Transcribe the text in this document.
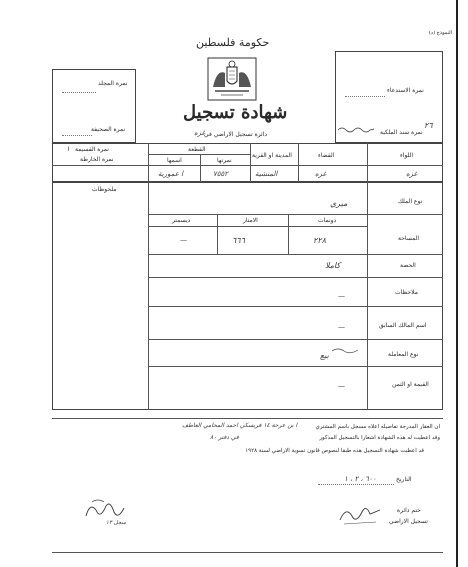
النموذج (د)
حكومة فلسطين
شهادة تسجيل
دائرة تسجيل الاراضي في
غزه
نمرة المجلد
نمرة الصحيفة
نمرة الاستدعاء
نمرة سند الملكية
٢٦
نمرة القسيمة
١
نمرة الخارطة
القطعة
اسمها	نمرتها
ا عمورية	٧٥٥٢
المدينة او القرية
المنشية
القضاء
غزه
اللواء
غزه
ملحوظات
نوع الملك
ميري
ديسمتر	الامتار	دونمات
المساحة
—	٦٦٦	٢٢٨
الحصة
كاملا
ملاحظات
—
اسم المالك السابق
—
نوع المعاملة
بيع
القيمة او الثمن
—
ان العقار المدرجة تفاصيله اعلاه مسجل باسم المشتري
ا بن عرحة ١٤ فريسكي احمد المحامي العاطف
وقد اعطيت له هذه الشهادة اشعارا بالتسجيل المذكور
في دفتر ٨٠
قد اعطيت شهادة التسجيل هذه طبقا لنصوص قانون تسوية الاراضي لسنة ١٩٢٨
التاريخ
٦٠٠ ، ٢ ، ١
ختم دائرة
تسجيل الاراضي
سجل ١٣
